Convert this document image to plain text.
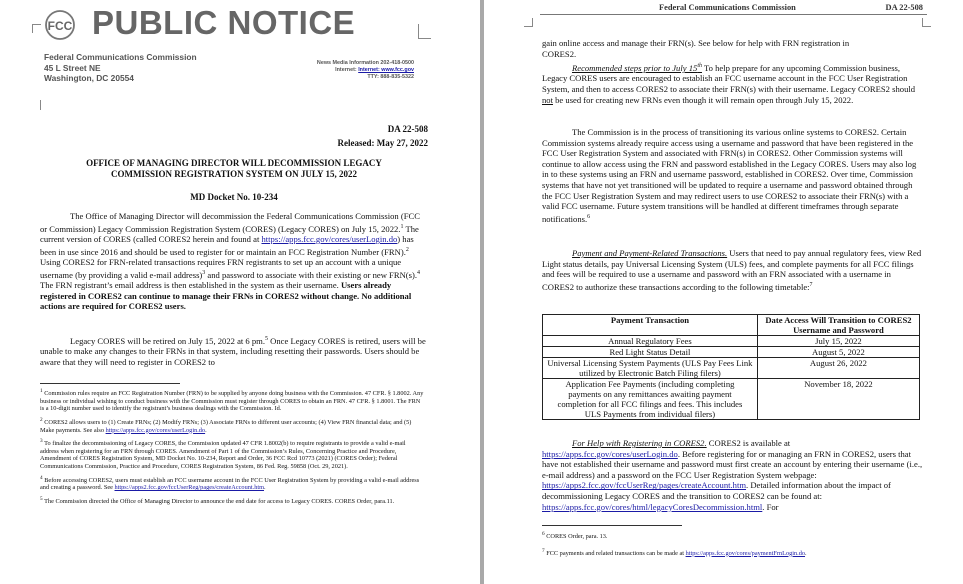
FCC PUBLIC NOTICE
Federal Communications Commission
45 L Street NE
Washington, DC 20554
News Media Information 202-418-0500
Internet: Internet: www.fcc.gov
TTY: 888-835-5322
DA 22-508
Released: May 27, 2022
OFFICE OF MANAGING DIRECTOR WILL DECOMMISSION LEGACY
COMMISSION REGISTRATION SYSTEM ON JULY 15, 2022
MD Docket No. 10-234
The Office of Managing Director will decommission the Federal Communications Commission (FCC or Commission) Legacy Commission Registration System (CORES) (Legacy CORES) on July 15, 2022.$^1$ The current version of CORES (called CORES2 herein and found at https://apps.fcc.gov/cores/userLogin.do) has been in use since 2016 and should be used to register for or maintain an FCC Registration Number (FRN).$^2$ Using CORES2 for FRN-related transactions requires FRN registrants to set up an account with a unique username (by providing a valid e-mail address)$^3$ and password to associate with their existing or new FRN(s).$^4$ The FRN registrant’s email address is then established in the system as their username. Users already registered in CORES2 can continue to manage their FRNs in CORES2 without change. No additional actions are required for CORES2 users.
Legacy CORES will be retired on July 15, 2022 at 6 pm.$^5$ Once Legacy CORES is retired, users will be unable to make any changes to their FRNs in that system, including resetting their passwords. Users should be aware that they will need to register in CORES2 to
$^1$ Commission rules require an FCC Registration Number (FRN) to be supplied by anyone doing business with the Commission. 47 CFR. § 1.8002. Any business or individual wishing to conduct business with the Commission must register through CORES to obtain an FRN. 47 CFR. § 1.8001. The FRN is a 10-digit number used to identify the registrant’s business dealings with the Commission. Id.
$^2$ CORES2 allows users to (1) Create FRNs; (2) Modify FRNs; (3) Associate FRNs to different user accounts; (4) View FRN financial data; and (5) Make payments. See also https://apps.fcc.gov/cores/userLogin.do.
$^3$ To finalize the decommissioning of Legacy CORES, the Commission updated 47 CFR 1.8002(b) to require registrants to provide a valid e-mail address when registering for an FRN through CORES. Amendment of Part 1 of the Commission’s Rules, Concerning Practice and Procedure, Amendment of CORES Registration System, MD Docket No. 10-234, Report and Order, 36 FCC Rcd 10773 (2021) (CORES Order); Federal Communications Commission, Practice and Procedure, CORES Registration System, 86 Fed. Reg. 59858 (Oct. 29, 2021).
$^4$ Before accessing CORES2, users must establish an FCC username account in the FCC User Registration System by providing a valid e-mail address and creating a password. See https://apps2.fcc.gov/fccUserReg/pages/createAccount.htm.
$^5$ The Commission directed the Office of Managing Director to announce the end date for access to Legacy CORES. CORES Order, para.11.
Federal Communications Commission	DA 22-508
gain online access and manage their FRN(s). See below for help with FRN registration in
CORES2.
Recommended steps prior to July 15th To help prepare for any upcoming Commission business, Legacy CORES users are encouraged to establish an FCC username account in the FCC User Registration System, and then to access CORES2 to associate their FRN(s) with their username. Legacy CORES2 should not be used for creating new FRNs even though it will remain open through July 15, 2022.
The Commission is in the process of transitioning its various online systems to CORES2. Certain Commission systems already require access using a username and password that have been registered in the FCC User Registration System and associated with FRN(s) in CORES2. Other Commission systems will continue to allow access using the FRN and password established in the Legacy CORES. Users may also log in to these systems using an FRN and username password, established in CORES2. Over time, Commission systems that have not yet transitioned will be updated to require a username and password obtained through the FCC User Registration System and may redirect users to use CORES2 to associate their FRN(s) with a valid FCC username. Future system transitions will be handled at different timeframes through separate notifications.$^6$
Payment and Payment-Related Transactions. Users that need to pay annual regulatory fees, view Red Light status details, pay Universal Licensing System (ULS) fees, and complete payments for all FCC filings and fees will be required to use a username and password with an FRN associated with a username in CORES2 to authorize these transactions according to the following timetable:$^7$
Payment Transaction	Date Access Will Transition to CORES2 Username and Password
Annual Regulatory Fees	July 15, 2022
Red Light Status Detail	August 5, 2022
Universal Licensing System Payments (ULS Pay Fees Link utilized by Electronic Batch Filing filers)	August 26, 2022
Application Fee Payments (including completing payments on any remittances awaiting payment completion for all FCC filings and fees. This includes ULS Payments from individual filers)	November 18, 2022
For Help with Registering in CORES2. CORES2 is available at https://apps.fcc.gov/cores/userLogin.do. Before registering for or managing an FRN in CORES2, users that have not established their username and password must first create an account by entering their username (i.e., e-mail address) and a password on the FCC User Registration System webpage: https://apps2.fcc.gov/fccUserReg/pages/createAccount.htm. Detailed information about the impact of decommissioning Legacy CORES and the transition to CORES2 can be found at: https://apps.fcc.gov/cores/html/legacyCoresDecommission.html. For
$^6$ CORES Order, para. 13.
$^7$ FCC payments and related transactions can be made at https://apps.fcc.gov/cores/paymentFrnLogin.do.
